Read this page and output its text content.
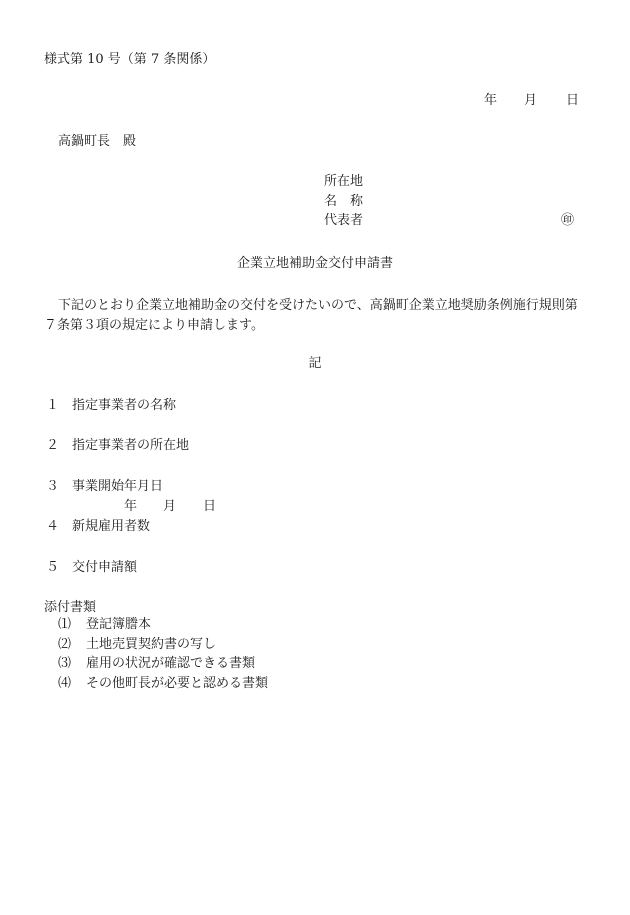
様式第 10 号（第 7 条関係）
年 月 日
高鍋町長　殿
所在地
名　称
代表者	㊞
企業立地補助金交付申請書

下記のとおり企業立地補助金の交付を受けたいので、高鍋町企業立地奨励条例施行規則第

７条第３項の規定により申請します。
記
１ 指定事業者の名称
２ 指定事業者の所在地
３ 事業開始年月日
年 月 日
４ 新規雇用者数
５ 交付申請額
添付書類
⑴ 登記簿謄本
⑵ 土地売買契約書の写し
⑶ 雇用の状況が確認できる書類
⑷ その他町長が必要と認める書類
